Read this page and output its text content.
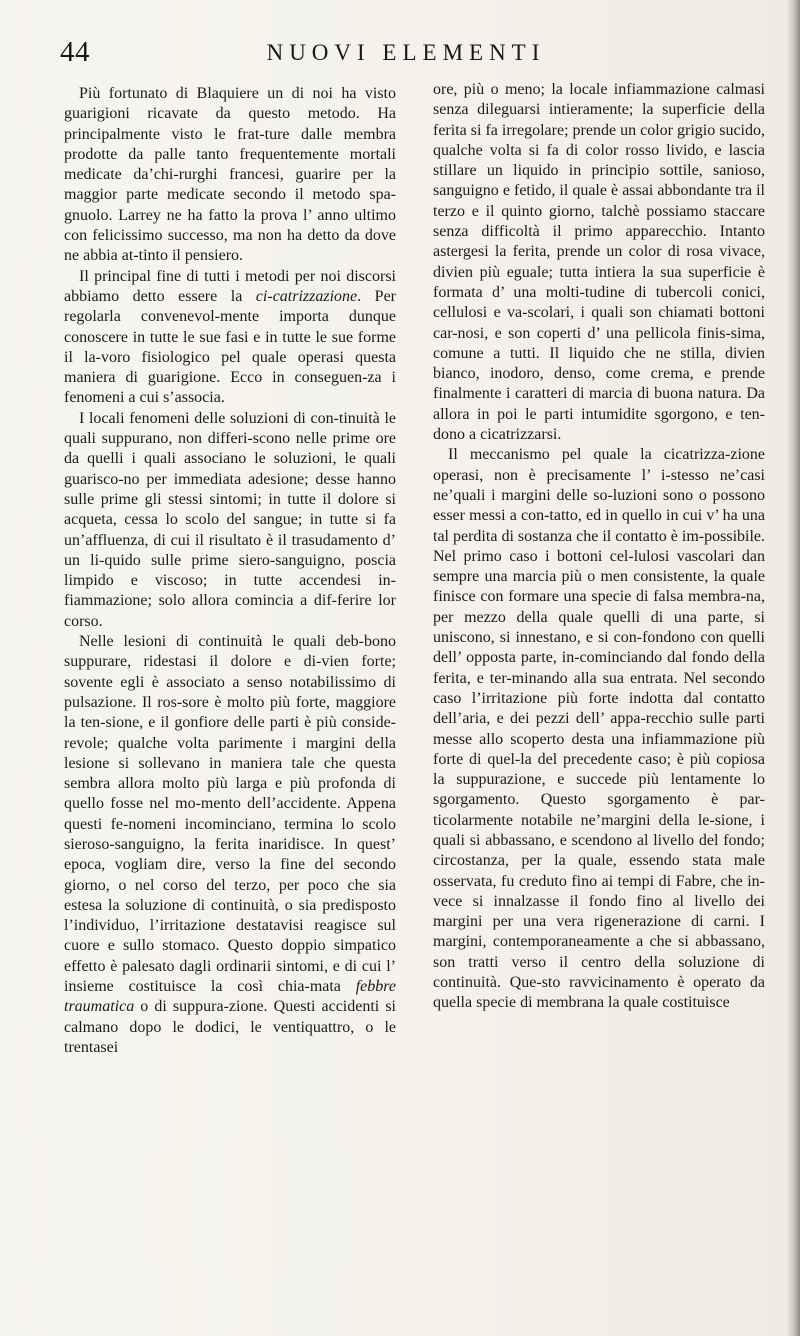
44	NUOVI ELEMENTI

Più fortunato di Blaquiere un di noi ha visto guarigioni ricavate da questo metodo. Ha principalmente visto le frat-ture dalle membra prodotte da palle tanto frequentemente mortali medicate da’chi-rurghi francesi, guarire per la maggior parte medicate secondo il metodo spa-gnuolo. Larrey ne ha fatto la prova l’ anno ultimo con felicissimo successo, ma non ha detto da dove ne abbia at-tinto il pensiero.

Il principal fine di tutti i metodi per noi discorsi abbiamo detto essere la ci-catrizzazione. Per regolarla convenevol-mente importa dunque conoscere in tutte le sue fasi e in tutte le sue forme il la-voro fisiologico pel quale operasi questa maniera di guarigione. Ecco in conseguen-za i fenomeni a cui s’associa.

I locali fenomeni delle soluzioni di con-tinuità le quali suppurano, non differi-scono nelle prime ore da quelli i quali associano le soluzioni, le quali guarisco-no per immediata adesione; desse hanno sulle prime gli stessi sintomi; in tutte il dolore si acqueta, cessa lo scolo del sangue; in tutte si fa un’affluenza, di cui il risultato è il trasudamento d’ un li-quido sulle prime siero-sanguigno, poscia limpido e viscoso; in tutte accendesi in-fiammazione; solo allora comincia a dif-ferire lor corso.

Nelle lesioni di continuità le quali deb-bono suppurare, ridestasi il dolore e di-vien forte; sovente egli è associato a senso notabilissimo di pulsazione. Il ros-sore è molto più forte, maggiore la ten-sione, e il gonfiore delle parti è più conside-revole; qualche volta parimente i margini della lesione si sollevano in maniera tale che questa sembra allora molto più larga e più profonda di quello fosse nel mo-mento dell’accidente. Appena questi fe-nomeni incominciano, termina lo scolo sieroso-sanguigno, la ferita inaridisce. In quest’ epoca, vogliam dire, verso la fine del secondo giorno, o nel corso del terzo, per poco che sia estesa la soluzione di continuità, o sia predisposto l’individuo, l’irritazione destatavisi reagisce sul cuore e sullo stomaco. Questo doppio simpatico effetto è palesato dagli ordinarii sintomi, e di cui l’ insieme costituisce la così chia-mata febbre traumatica o di suppura-zione. Questi accidenti si calmano dopo le dodici, le ventiquattro, o le trentasei

ore, più o meno; la locale infiammazione calmasi senza dileguarsi intieramente; la superficie della ferita si fa irregolare; prende un color grigio sucido, qualche volta si fa di color rosso livido, e lascia stillare un liquido in principio sottile, sanioso, sanguigno e fetido, il quale è assai abbondante tra il terzo e il quinto giorno, talchè possiamo staccare senza difficoltà il primo apparecchio. Intanto astergesi la ferita, prende un color di rosa vivace, divien più eguale; tutta intiera la sua superficie è formata d’ una molti-tudine di tubercoli conici, cellulosi e va-scolari, i quali son chiamati bottoni car-nosi, e son coperti d’ una pellicola finis-sima, comune a tutti. Il liquido che ne stilla, divien bianco, inodoro, denso, come crema, e prende finalmente i caratteri di marcia di buona natura. Da allora in poi le parti intumidite sgorgono, e ten-dono a cicatrizzarsi.

Il meccanismo pel quale la cicatrizza-zione operasi, non è precisamente l’ i-stesso ne’casi ne’quali i margini delle so-luzioni sono o possono esser messi a con-tatto, ed in quello in cui v’ ha una tal perdita di sostanza che il contatto è im-possibile. Nel primo caso i bottoni cel-lulosi vascolari dan sempre una marcia più o men consistente, la quale finisce con formare una specie di falsa membra-na, per mezzo della quale quelli di una parte, si uniscono, si innestano, e si con-fondono con quelli dell’ opposta parte, in-cominciando dal fondo della ferita, e ter-minando alla sua entrata. Nel secondo caso l’irritazione più forte indotta dal contatto dell’aria, e dei pezzi dell’ appa-recchio sulle parti messe allo scoperto desta una infiammazione più forte di quel-la del precedente caso; è più copiosa la suppurazione, e succede più lentamente lo sgorgamento. Questo sgorgamento è par-ticolarmente notabile ne’margini della le-sione, i quali si abbassano, e scendono al livello del fondo; circostanza, per la quale, essendo stata male osservata, fu creduto fino ai tempi di Fabre, che in-vece si innalzasse il fondo fino al livello dei margini per una vera rigenerazione di carni. I margini, contemporaneamente a che si abbassano, son tratti verso il centro della soluzione di continuità. Que-sto ravvicinamento è operato da quella specie di membrana la quale costituisce
